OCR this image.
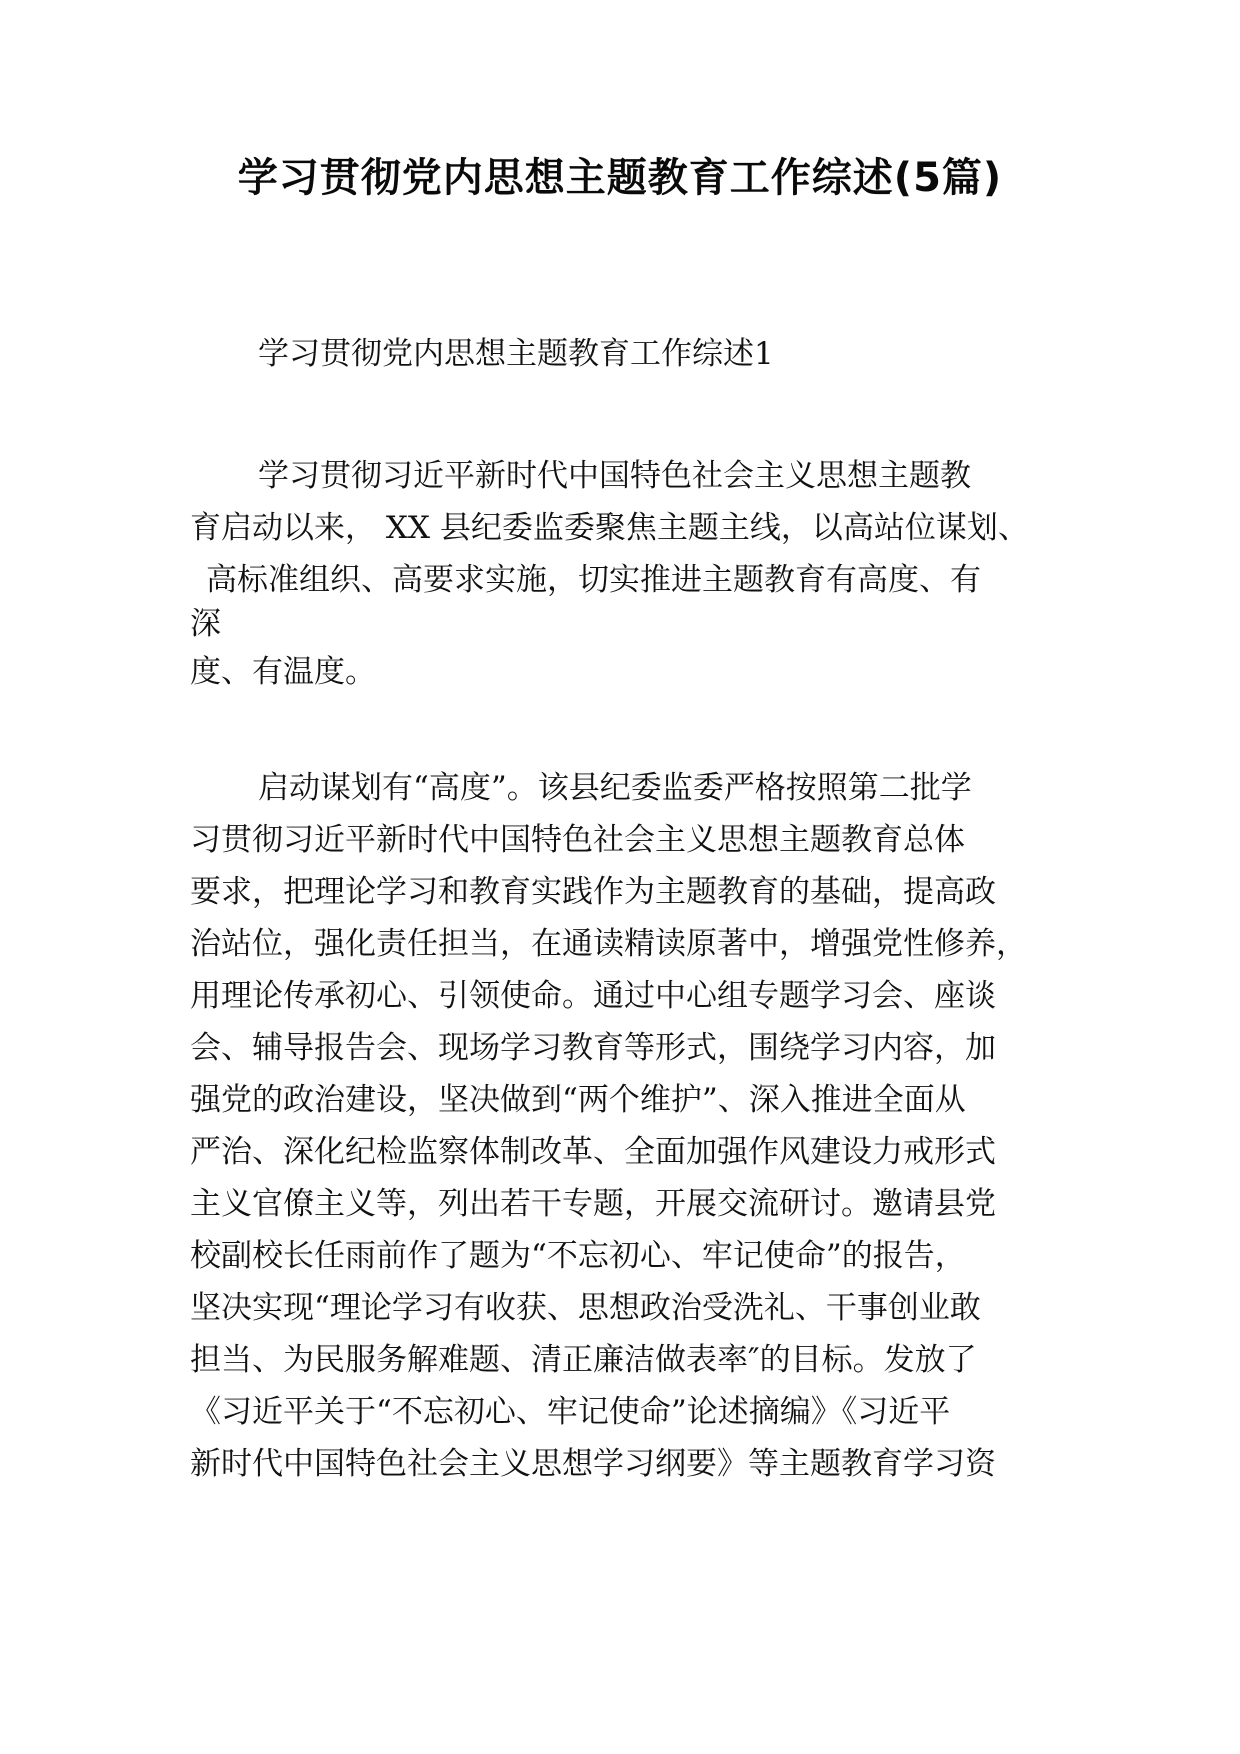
学习贯彻党内思想主题教育工作综述(5篇)
学习贯彻党内思想主题教育工作综述1
学习贯彻习近平新时代中国特色社会主义思想主题教
育启动以来， XX 县纪委监委聚焦主题主线，以高站位谋划、
高标准组织、高要求实施，切实推进主题教育有高度、有
深
度、有温度。
启动谋划有“高度”。该县纪委监委严格按照第二批学
习贯彻习近平新时代中国特色社会主义思想主题教育总体
要求，把理论学习和教育实践作为主题教育的基础，提高政
治站位，强化责任担当，在通读精读原著中，增强党性修养，
用理论传承初心、引领使命。通过中心组专题学习会、座谈
会、辅导报告会、现场学习教育等形式，围绕学习内容，加
强党的政治建设，坚决做到“两个维护”、深入推进全面从
严治、深化纪检监察体制改革、全面加强作风建设力戒形式
主义官僚主义等，列出若干专题，开展交流研讨。邀请县党
校副校长任雨前作了题为“不忘初心、牢记使命”的报告，
坚决实现“理论学习有收获、思想政治受洗礼、干事创业敢
担当、为民服务解难题、清正廉洁做表率″的目标。发放了
《习近平关于“不忘初心、牢记使命”论述摘编》《习近平
新时代中国特色社会主义思想学习纲要》等主题教育学习资
